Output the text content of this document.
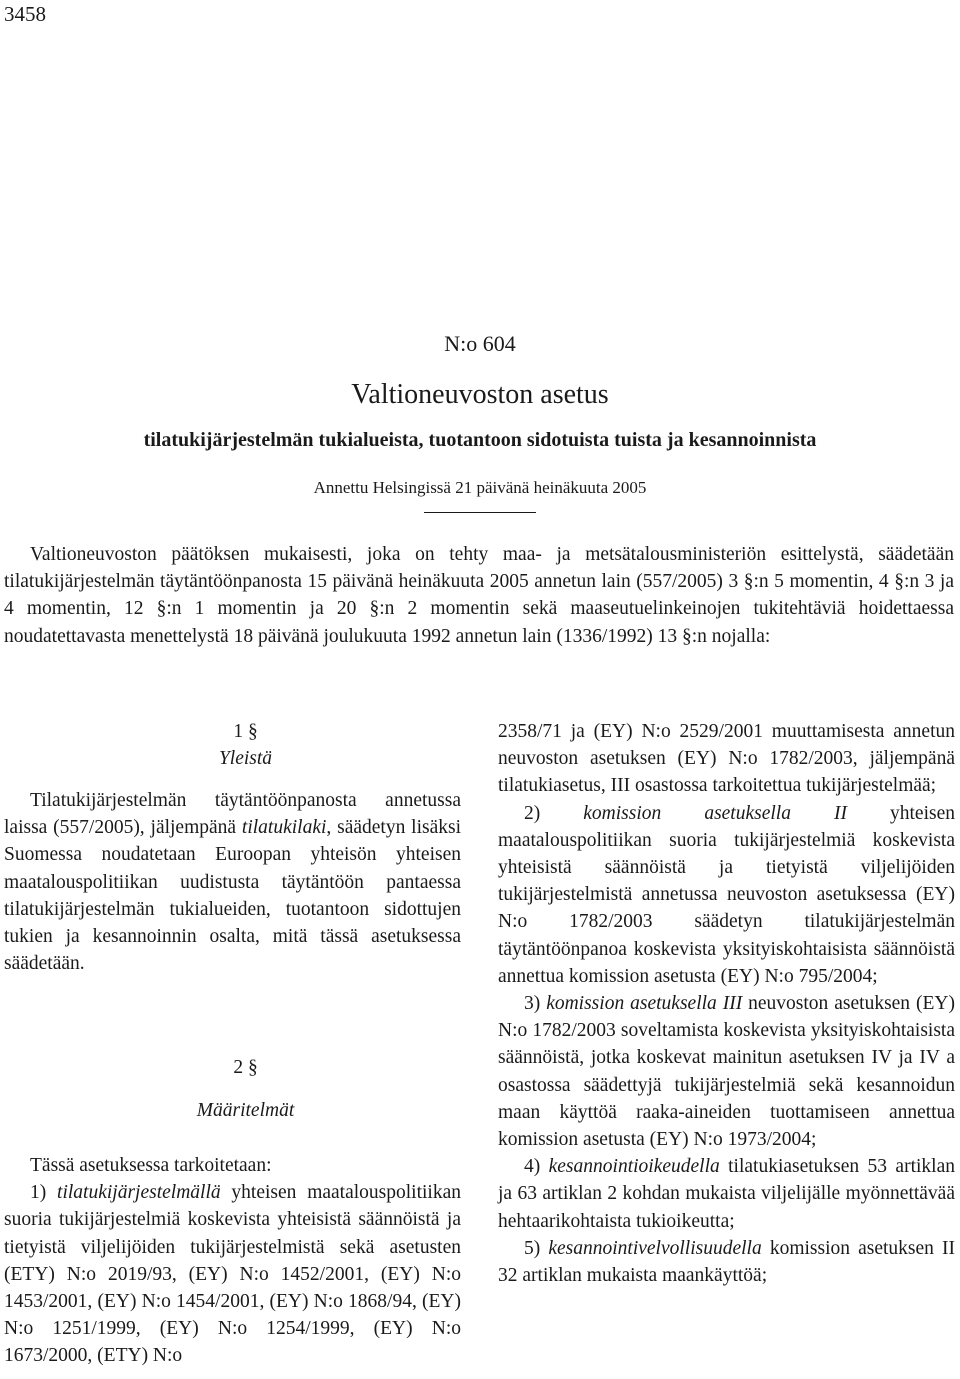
3458
N:o 604
Valtioneuvoston asetus
tilatukijärjestelmän tukialueista, tuotantoon sidotuista tuista ja kesannoinnista
Annettu Helsingissä 21 päivänä heinäkuuta 2005

Valtioneuvoston päätöksen mukaisesti, joka on tehty maa- ja metsätalousministeriön esittelystä, säädetään tilatukijärjestelmän täytäntöönpanosta 15 päivänä heinäkuuta 2005 annetun lain (557/2005) 3 §:n 5 momentin, 4 §:n 3 ja 4 momentin, 12 §:n 1 momentin ja 20 §:n 2 momentin sekä maaseutuelinkeinojen tukitehtäviä hoidettaessa noudatettavasta menettelystä 18 päivänä joulukuuta 1992 annetun lain (1336/1992) 13 §:n nojalla:

1 §

Yleistä

Tilatukijärjestelmän täytäntöönpanosta annetussa laissa (557/2005), jäljempänä tilatukilaki, säädetyn lisäksi Suomessa noudatetaan Euroopan yhteisön yhteisen maatalouspolitiikan uudistusta täytäntöön pantaessa tilatukijärjestelmän tukialueiden, tuotantoon sidottujen tukien ja kesannoinnin osalta, mitä tässä asetuksessa säädetään.

2 §

Määritelmät

Tässä asetuksessa tarkoitetaan:

1) tilatukijärjestelmällä yhteisen maatalouspolitiikan suoria tukijärjestelmiä koskevista yhteisistä säännöistä ja tietyistä viljelijöiden tukijärjestelmistä sekä asetusten (ETY) N:o 2019/93, (EY) N:o 1452/2001, (EY) N:o 1453/2001, (EY) N:o 1454/2001, (EY) N:o 1868/94, (EY) N:o 1251/1999, (EY) N:o 1254/1999, (EY) N:o 1673/2000, (ETY) N:o

2358/71 ja (EY) N:o 2529/2001 muuttamisesta annetun neuvoston asetuksen (EY) N:o 1782/2003, jäljempänä tilatukiasetus, III osastossa tarkoitettua tukijärjestelmää;

2) komission asetuksella II yhteisen maatalouspolitiikan suoria tukijärjestelmiä koskevista yhteisistä säännöistä ja tietyistä viljelijöiden tukijärjestelmistä annetussa neuvoston asetuksessa (EY) N:o 1782/2003 säädetyn tilatukijärjestelmän täytäntöönpanoa koskevista yksityiskohtaisista säännöistä annettua komission asetusta (EY) N:o 795/2004;

3) komission asetuksella III neuvoston asetuksen (EY) N:o 1782/2003 soveltamista koskevista yksityiskohtaisista säännöistä, jotka koskevat mainitun asetuksen IV ja IV a osastossa säädettyjä tukijärjestelmiä sekä kesannoidun maan käyttöä raaka-aineiden tuottamiseen annettua komission asetusta (EY) N:o 1973/2004;

4) kesannointioikeudella tilatukiasetuksen 53 artiklan ja 63 artiklan 2 kohdan mukaista viljelijälle myönnettävää hehtaarikohtaista tukioikeutta;

5) kesannointivelvollisuudella komission asetuksen II 32 artiklan mukaista maankäyttöä;
